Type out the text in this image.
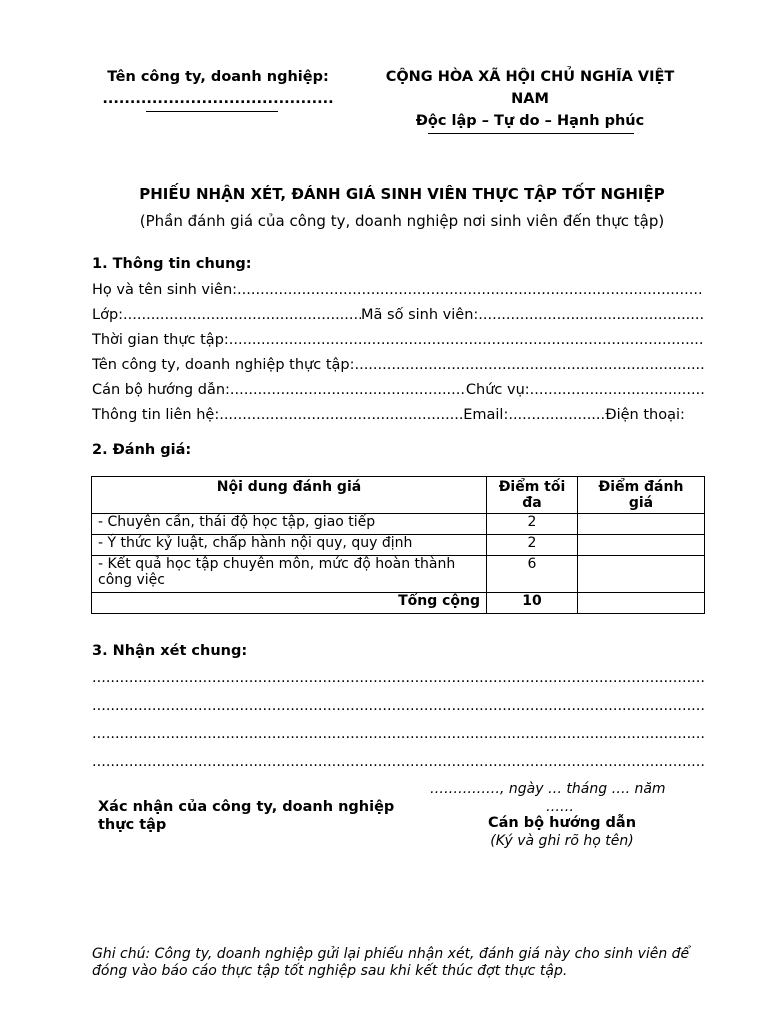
Tên công ty, doanh nghiệp:
..........................................
CỘNG HÒA XÃ HỘI CHỦ NGHĨA VIỆT
NAM
Độc lập – Tự do – Hạnh phúc
PHIẾU NHẬN XÉT, ĐÁNH GIÁ SINH VIÊN THỰC TẬP TỐT NGHIỆP
(Phần đánh giá của công ty, doanh nghiệp nơi sinh viên đến thực tập)
1. Thông tin chung:
Họ và tên sinh viên:
.....
Lớp: .....	Mã số sinh viên:
.....
Thời gian thực tập:
.....
Tên công ty, doanh nghiệp thực tập:
.....
Cán bộ hướng dẫn: .....	Chức vụ:
.....
Thông tin liên hệ: .....	Email: .....	Điện thoại:
2. Đánh giá:
Nội dung đánh giá	Điểm tối đa	Điểm đánh giá
- Chuyên cần, thái độ học tập, giao tiếp	2	
- Ý thức kỷ luật, chấp hành nội quy, quy định	2	
- Kết quả học tập chuyên môn, mức độ hoàn thành công việc	6	
Tổng cộng	10	
3. Nhận xét chung:
.....
.....
.....
.....
……………, ngày … tháng …. năm
……
Xác nhận của công ty, doanh nghiệp thực tập	Cán bộ hướng dẫn
(Ký và ghi rõ họ tên)
Ghi chú: Công ty, doanh nghiệp gửi lại phiếu nhận xét, đánh giá này cho sinh viên để đóng vào báo cáo thực tập tốt nghiệp sau khi kết thúc đợt thực tập.
